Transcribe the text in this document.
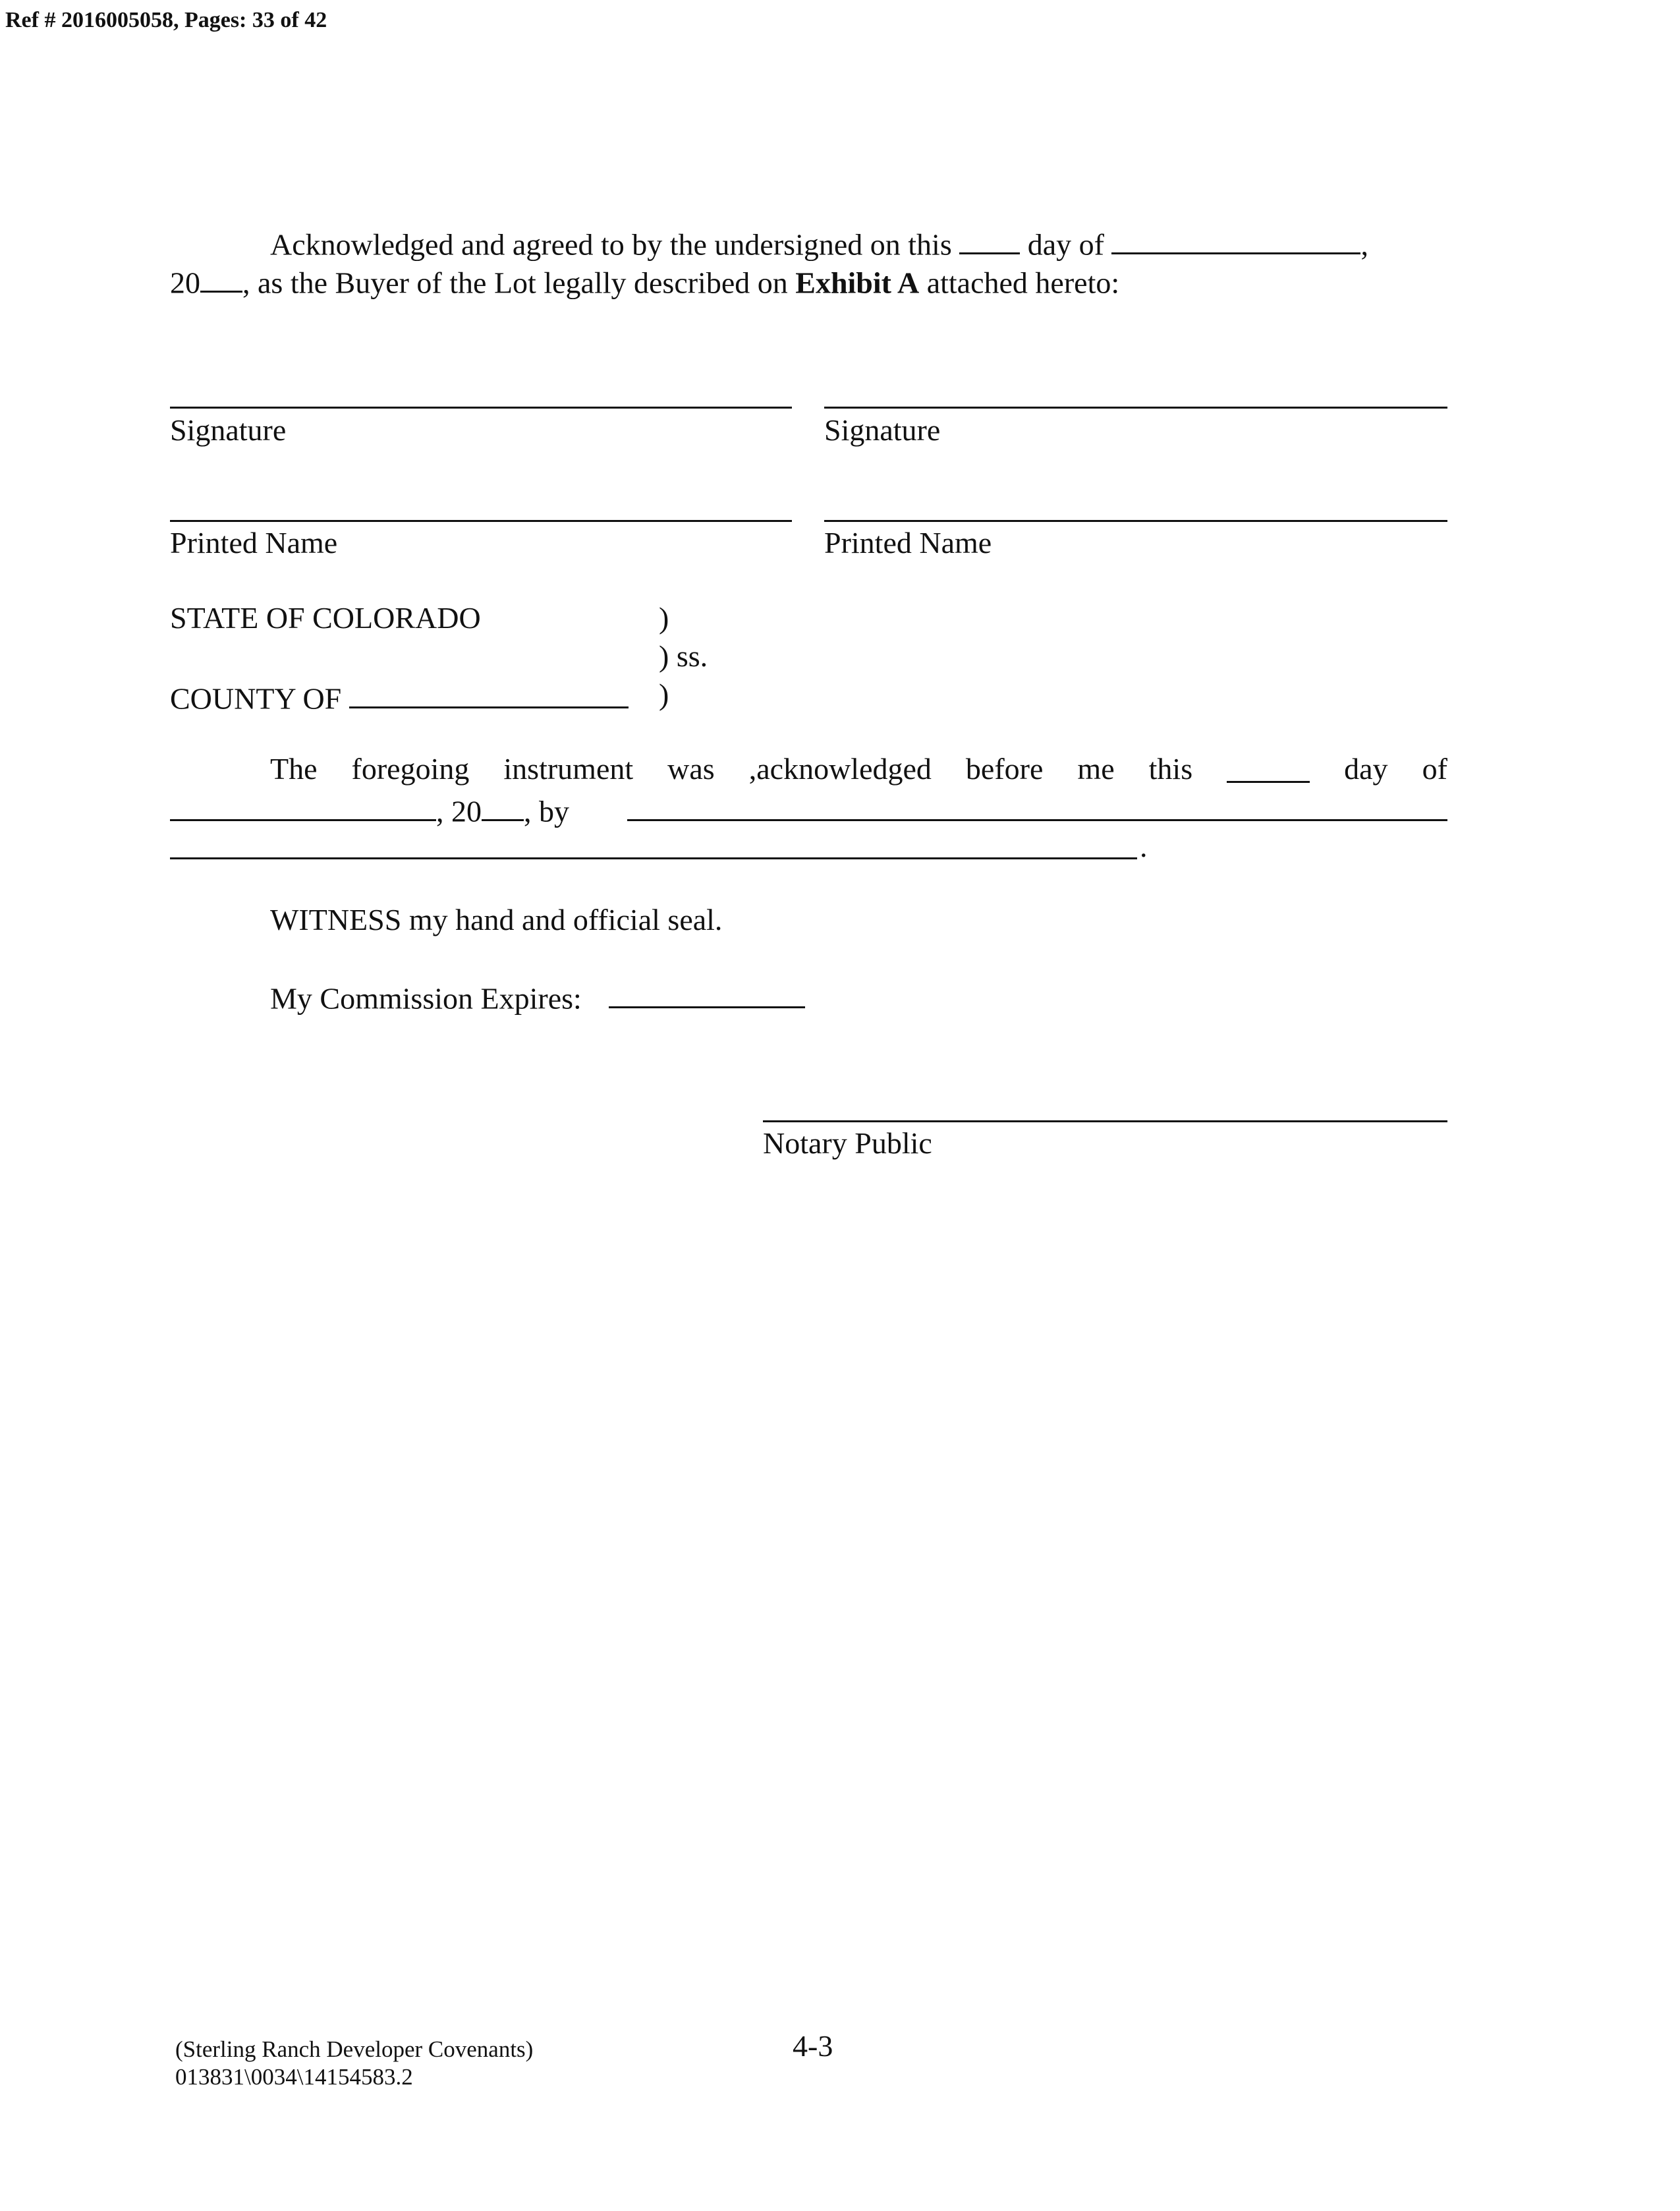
Ref # 2016005058, Pages: 33 of 42
Acknowledged and agreed to by the undersigned on this	day of	,
20 , as the Buyer of the Lot legally described on Exhibit A attached hereto:
Signature	Signature
Printed Name	Printed Name
STATE OF COLORADO	)
) ss.
COUNTY OF	)
The foregoing instrument was ,acknowledged before me this	day of
, 20 , by
.
WITNESS my hand and official seal.
My Commission Expires:
Notary Public
(Sterling Ranch Developer Covenants)
013831\0034\14154583.2
4-3
